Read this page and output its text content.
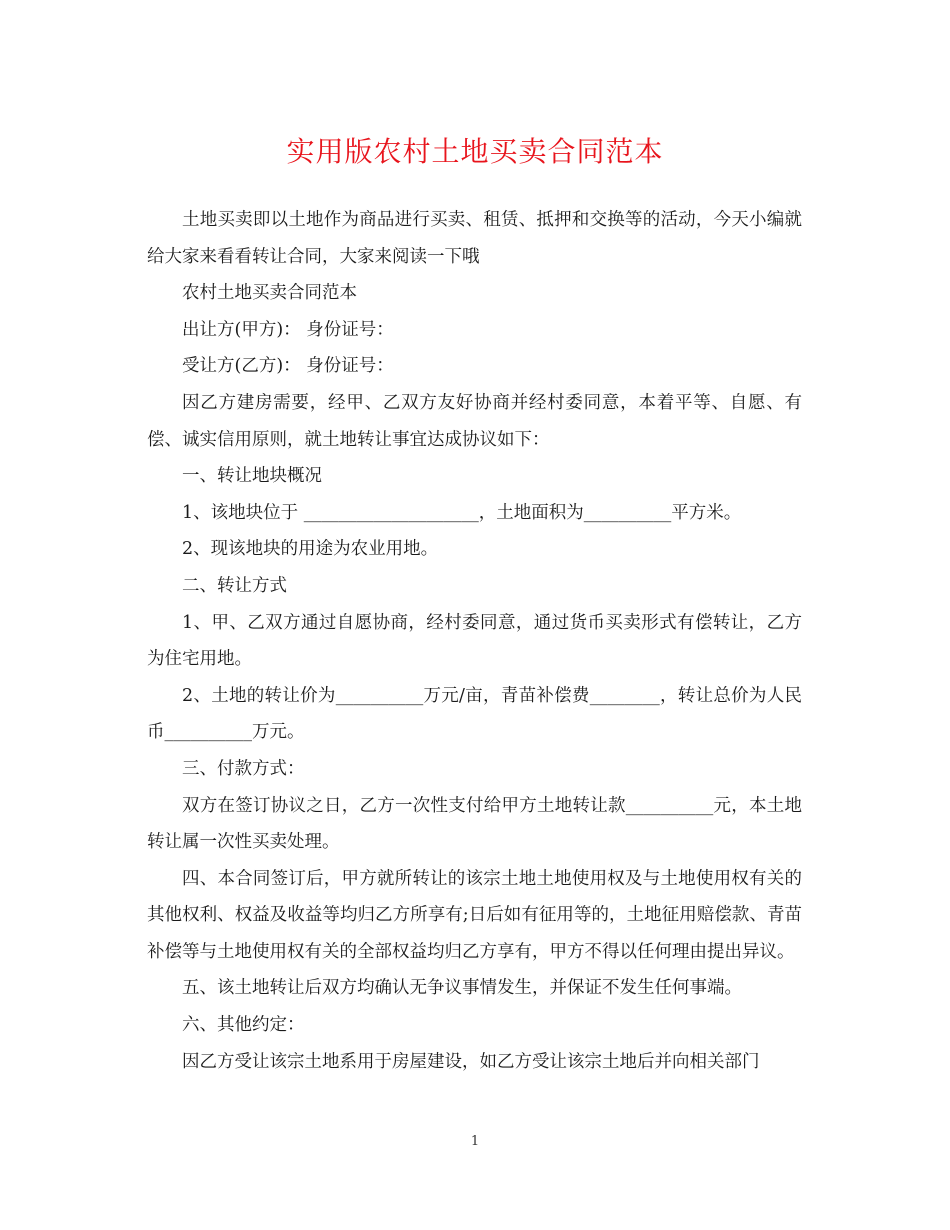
实用版农村土地买卖合同范本

土地买卖即以土地作为商品进行买卖、租赁、抵押和交换等的活动，今天小编就给大家来看看转让合同，大家来阅读一下哦

农村土地买卖合同范本

出让方(甲方)： 身份证号：

受让方(乙方)： 身份证号：

因乙方建房需要，经甲、乙双方友好协商并经村委同意，本着平等、自愿、有偿、诚实信用原则，就土地转让事宜达成协议如下：

一、转让地块概况

1、该地块位于 ____________________，土地面积为__________平方米。

2、现该地块的用途为农业用地。

二、转让方式

1、甲、乙双方通过自愿协商，经村委同意，通过货币买卖形式有偿转让，乙方为住宅用地。

2、土地的转让价为__________万元/亩，青苗补偿费________，转让总价为人民币__________万元。

三、付款方式：

双方在签订协议之日，乙方一次性支付给甲方土地转让款__________元，本土地转让属一次性买卖处理。

四、本合同签订后，甲方就所转让的该宗土地土地使用权及与土地使用权有关的其他权利、权益及收益等均归乙方所享有;日后如有征用等的，土地征用赔偿款、青苗补偿等与土地使用权有关的全部权益均归乙方享有，甲方不得以任何理由提出异议。

五、该土地转让后双方均确认无争议事情发生，并保证不发生任何事端。

六、其他约定：

因乙方受让该宗土地系用于房屋建设，如乙方受让该宗土地后并向相关部门

1
